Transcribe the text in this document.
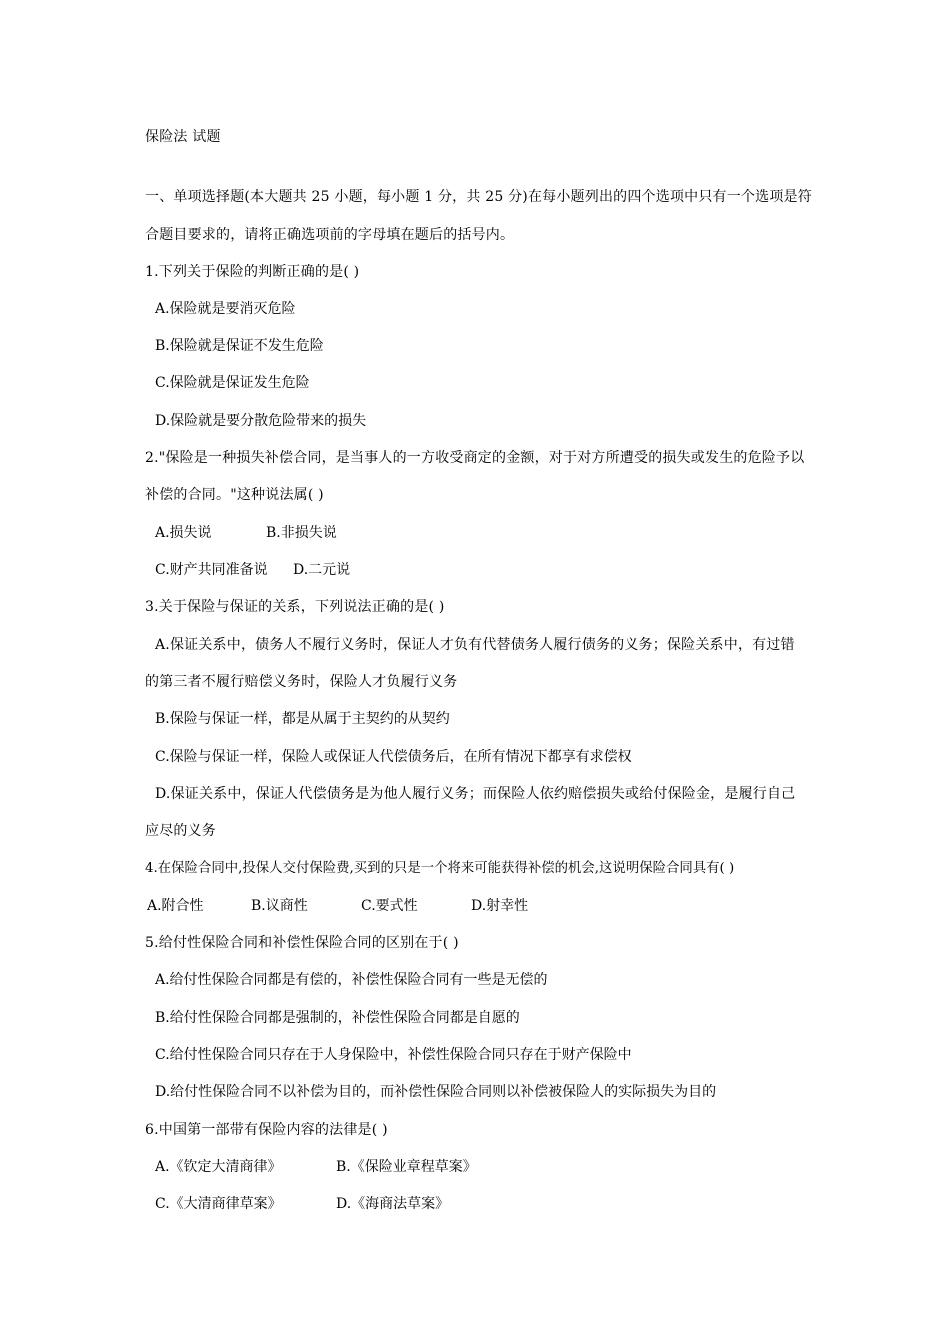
保险法 试题
一、单项选择题(本大题共 25 小题，每小题 1 分，共 25 分)在每小题列出的四个选项中只有一个选项是符
合题目要求的，请将正确选项前的字母填在题后的括号内。
1.下列关于保险的判断正确的是( )
A.保险就是要消灭危险
B.保险就是保证不发生危险
C.保险就是保证发生危险
D.保险就是要分散危险带来的损失
2."保险是一种损失补偿合同，是当事人的一方收受商定的金额，对于对方所遭受的损失或发生的危险予以
补偿的合同。"这种说法属( )
A.损失说	B.非损失说
C.财产共同准备说 D.二元说
3.关于保险与保证的关系，下列说法正确的是( )
A.保证关系中，债务人不履行义务时，保证人才负有代替债务人履行债务的义务；保险关系中，有过错
的第三者不履行赔偿义务时，保险人才负履行义务
B.保险与保证一样，都是从属于主契约的从契约
C.保险与保证一样，保险人或保证人代偿债务后，在所有情况下都享有求偿权
D.保证关系中，保证人代偿债务是为他人履行义务；而保险人依约赔偿损失或给付保险金，是履行自己
应尽的义务
4.在保险合同中,投保人交付保险费,买到的只是一个将来可能获得补偿的机会,这说明保险合同具有( )
A.附合性	B.议商性	C.要式性	D.射幸性
5.给付性保险合同和补偿性保险合同的区别在于( )
A.给付性保险合同都是有偿的，补偿性保险合同有一些是无偿的
B.给付性保险合同都是强制的，补偿性保险合同都是自愿的
C.给付性保险合同只存在于人身保险中，补偿性保险合同只存在于财产保险中
D.给付性保险合同不以补偿为目的，而补偿性保险合同则以补偿被保险人的实际损失为目的
6.中国第一部带有保险内容的法律是( )
A.《钦定大清商律》	B.《保险业章程草案》
C.《大清商律草案》	D.《海商法草案》
